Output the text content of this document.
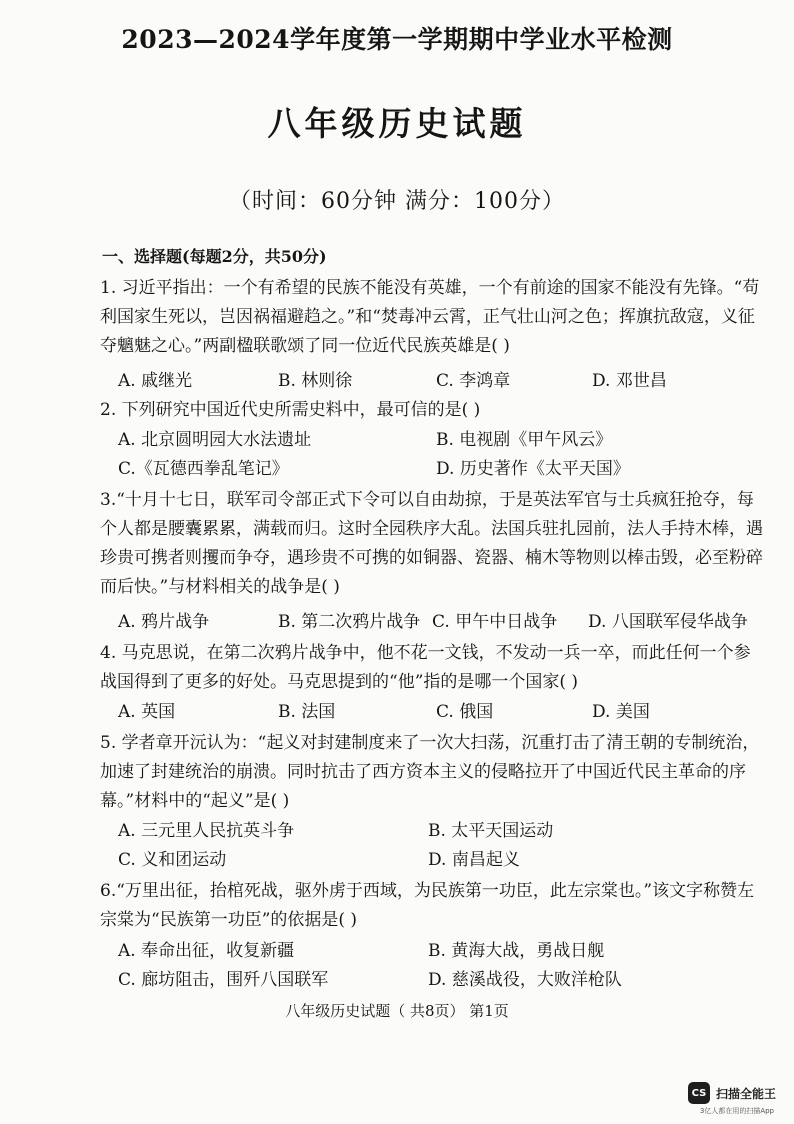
2023—2024学年度第一学期期中学业水平检测
八年级历史试题
（时间：60分钟 满分：100分）
一、选择题(每题2分，共50分)
1. 习近平指出：一个有希望的民族不能没有英雄，一个有前途的国家不能没有先锋。“苟利国家生死以，岂因祸福避趋之。”和“焚毒冲云霄，正气壮山河之色；挥旗抗敌寇，义征夺魑魅之心。”两副楹联歌颂了同一位近代民族英雄是( )
A. 戚继光	B. 林则徐	C. 李鸿章	D. 邓世昌
2. 下列研究中国近代史所需史料中，最可信的是( )
A. 北京圆明园大水法遗址	B. 电视剧《甲午风云》
C.《瓦德西拳乱笔记》	D. 历史著作《太平天国》
3.“十月十七日，联军司令部正式下令可以自由劫掠，于是英法军官与士兵疯狂抢夺，每个人都是腰囊累累，满载而归。这时全园秩序大乱。法国兵驻扎园前，法人手持木棒，遇珍贵可携者则攫而争夺，遇珍贵不可携的如铜器、瓷器、楠木等物则以棒击毁，必至粉碎而后快。”与材料相关的战争是( )
A. 鸦片战争	B. 第二次鸦片战争 C. 甲午中日战争 D. 八国联军侵华战争
4. 马克思说，在第二次鸦片战争中，他不花一文钱，不发动一兵一卒，而此任何一个参战国得到了更多的好处。马克思提到的“他”指的是哪一个国家( )
A. 英国	B. 法国	C. 俄国	D. 美国
5. 学者章开沅认为：“起义对封建制度来了一次大扫荡，沉重打击了清王朝的专制统治，加速了封建统治的崩溃。同时抗击了西方资本主义的侵略拉开了中国近代民主革命的序幕。”材料中的“起义”是( )
A. 三元里人民抗英斗争	B. 太平天国运动
C. 义和团运动	D. 南昌起义
6.“万里出征，抬棺死战，驱外虏于西域，为民族第一功臣，此左宗棠也。”该文字称赞左宗棠为“民族第一功臣”的依据是( )
A. 奉命出征，收复新疆	B. 黄海大战，勇战日舰
C. 廊坊阻击，围歼八国联军	D. 慈溪战役，大败洋枪队
八年级历史试题（ 共8页） 第1页
CS 扫描全能王
3亿人都在用的扫描App
